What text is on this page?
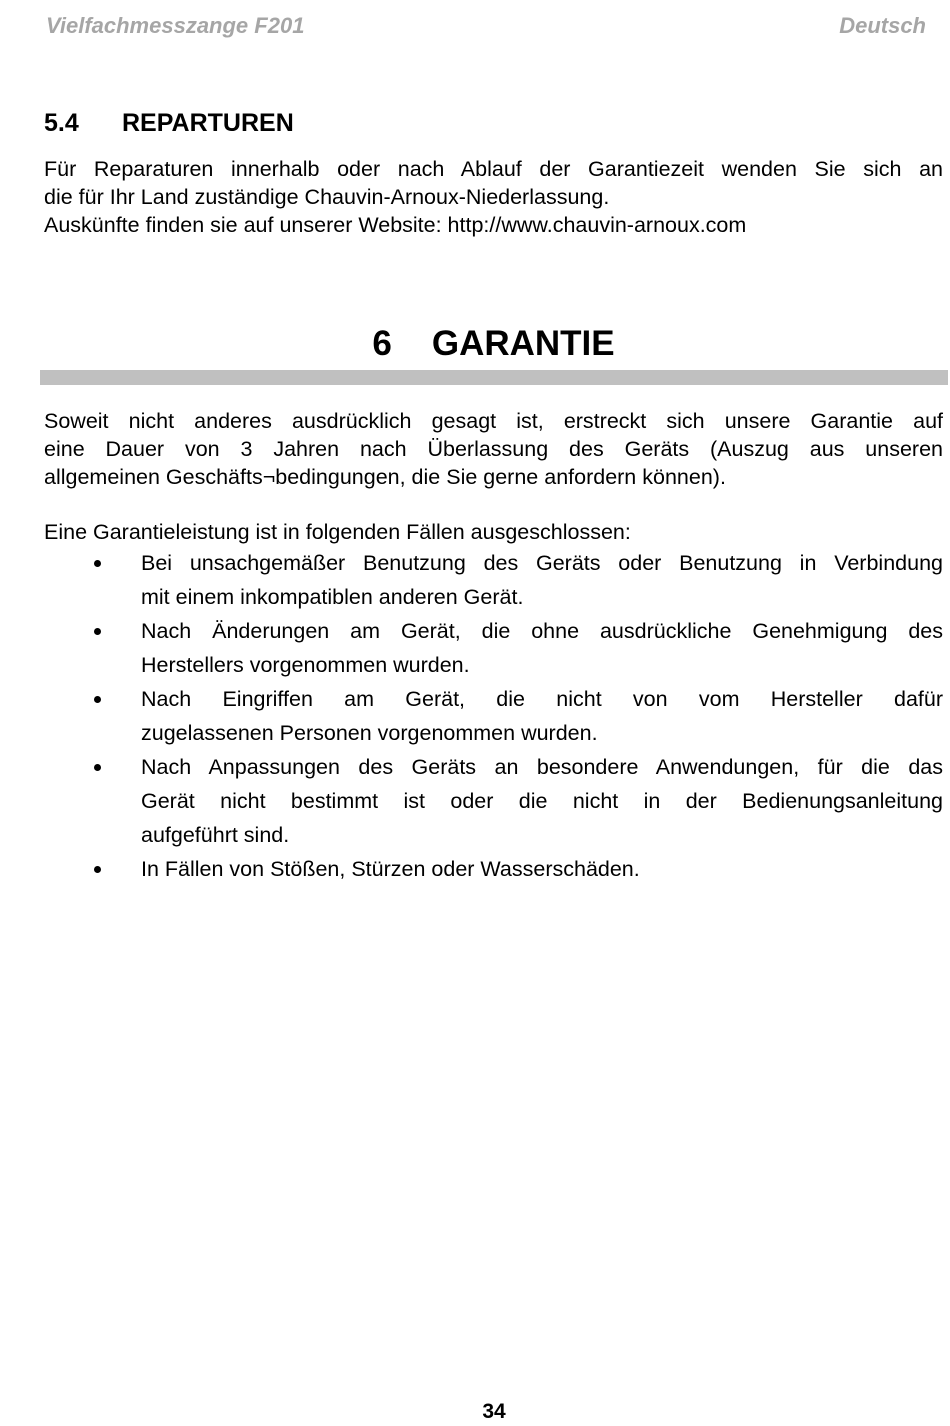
Vielfachmesszange F201	Deutsch
5.4 REPARTUREN
Für Reparaturen innerhalb oder nach Ablauf der Garantiezeit wenden Sie sich an
die für Ihr Land zuständige Chauvin-Arnoux-Niederlassung.
Auskünfte finden sie auf unserer Website: http://www.chauvin-arnoux.com
6 GARANTIE
Soweit nicht anderes ausdrücklich gesagt ist, erstreckt sich unsere Garantie auf
eine Dauer von 3 Jahren nach Überlassung des Geräts (Auszug aus unseren
allgemeinen Geschäfts¬bedingungen, die Sie gerne anfordern können).
Eine Garantieleistung ist in folgenden Fällen ausgeschlossen:
Bei unsachgemäßer Benutzung des Geräts oder Benutzung in Verbindung
mit einem inkompatiblen anderen Gerät.
Nach Änderungen am Gerät, die ohne ausdrückliche Genehmigung des
Herstellers vorgenommen wurden.
Nach Eingriffen am Gerät, die nicht von vom Hersteller dafür
zugelassenen Personen vorgenommen wurden.
Nach Anpassungen des Geräts an besondere Anwendungen, für die das
Gerät nicht bestimmt ist oder die nicht in der Bedienungsanleitung
aufgeführt sind.
In Fällen von Stößen, Stürzen oder Wasserschäden.
34
